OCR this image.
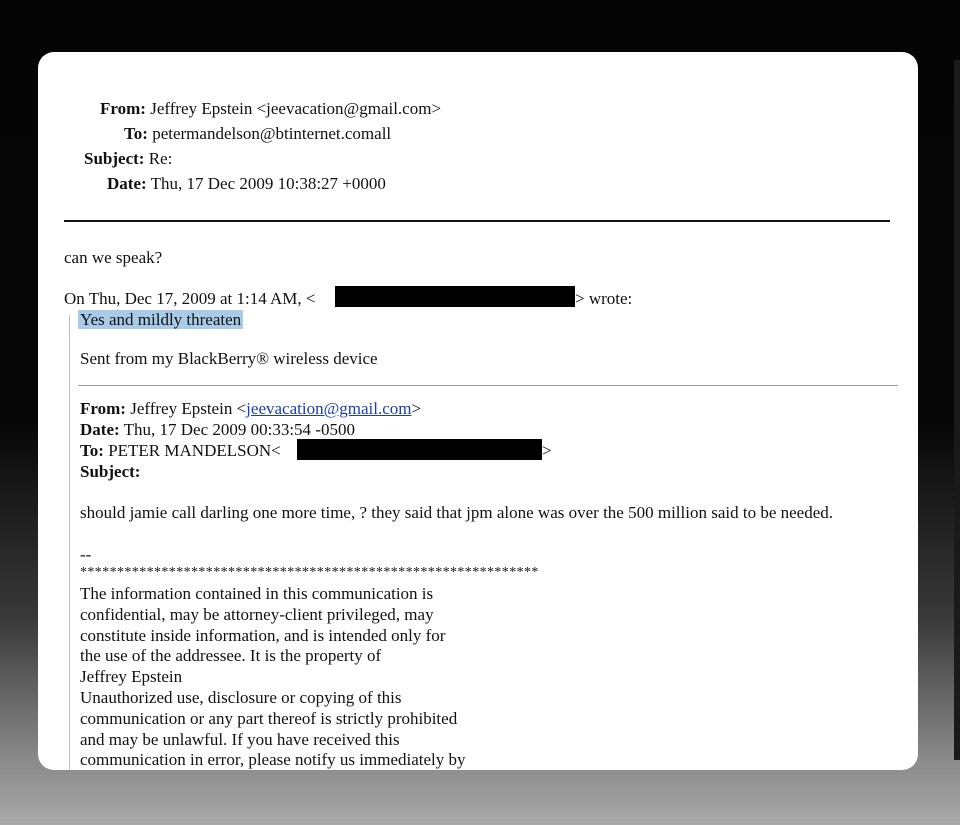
From: Jeffrey Epstein <jeevacation@gmail.com>
To: petermandelson@btinternet.comall
Subject: Re:
Date: Thu, 17 Dec 2009 10:38:27 +0000
can we speak?
On Thu, Dec 17, 2009 at 1:14 AM, <	> wrote:
Yes and mildly threaten
Sent from my BlackBerry® wireless device
From: Jeffrey Epstein <jeevacation@gmail.com>
Date: Thu, 17 Dec 2009 00:33:54 -0500
To: PETER MANDELSON<	>
Subject:
should jamie call darling one more time, ? they said that jpm alone was over the 500 million said to be needed.
--
**************************************************************
The information contained in this communication is
confidential, may be attorney-client privileged, may
constitute inside information, and is intended only for
the use of the addressee. It is the property of
Jeffrey Epstein
Unauthorized use, disclosure or copying of this
communication or any part thereof is strictly prohibited
and may be unlawful. If you have received this
communication in error, please notify us immediately by
